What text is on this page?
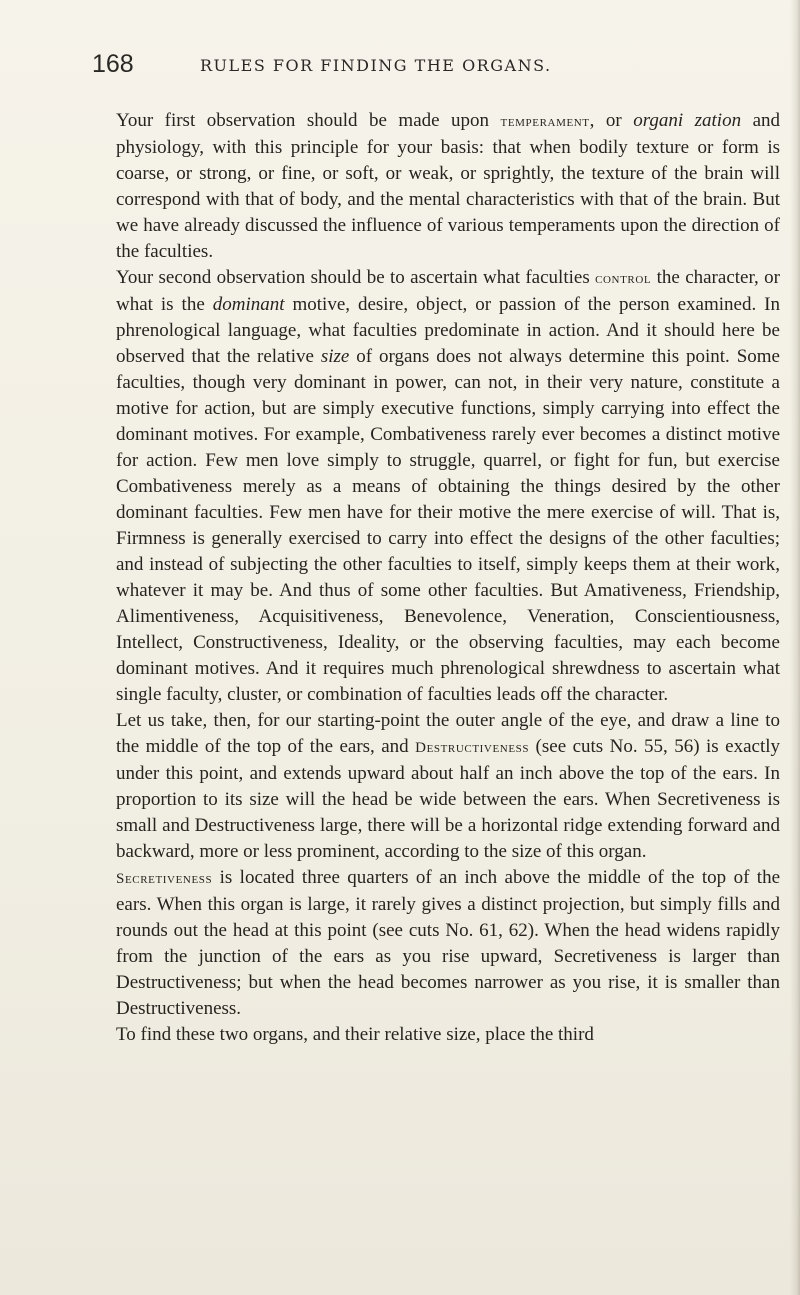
168	RULES FOR FINDING THE ORGANS.

Your first observation should be made upon temperament, or organi zation and physiology, with this principle for your basis: that when bodily texture or form is coarse, or strong, or fine, or soft, or weak, or sprightly, the texture of the brain will correspond with that of body, and the mental characteristics with that of the brain. But we have already discussed the influence of various temperaments upon the direction of the faculties.

Your second observation should be to ascertain what faculties control the character, or what is the dominant motive, desire, object, or passion of the person examined. In phrenological language, what faculties predominate in action. And it should here be observed that the relative size of organs does not always determine this point. Some faculties, though very dominant in power, can not, in their very nature, constitute a motive for action, but are simply executive functions, simply carrying into effect the dominant motives. For example, Combativeness rarely ever becomes a distinct motive for action. Few men love simply to struggle, quarrel, or fight for fun, but exercise Combativeness merely as a means of obtaining the things desired by the other dominant faculties. Few men have for their motive the mere exercise of will. That is, Firmness is generally exercised to carry into effect the designs of the other faculties; and instead of subjecting the other faculties to itself, simply keeps them at their work, whatever it may be. And thus of some other faculties. But Amativeness, Friendship, Alimentiveness, Acquisitiveness, Benevolence, Veneration, Conscientiousness, Intellect, Constructiveness, Ideality, or the observing faculties, may each become dominant motives. And it requires much phrenological shrewdness to ascertain what single faculty, cluster, or combination of faculties leads off the character.

Let us take, then, for our starting-point the outer angle of the eye, and draw a line to the middle of the top of the ears, and Destructiveness (see cuts No. 55, 56) is exactly under this point, and extends upward about half an inch above the top of the ears. In proportion to its size will the head be wide between the ears. When Secretiveness is small and Destructiveness large, there will be a horizontal ridge extending forward and backward, more or less prominent, according to the size of this organ.

Secretiveness is located three quarters of an inch above the middle of the top of the ears. When this organ is large, it rarely gives a distinct projection, but simply fills and rounds out the head at this point (see cuts No. 61, 62). When the head widens rapidly from the junction of the ears as you rise upward, Secretiveness is larger than Destructiveness; but when the head becomes narrower as you rise, it is smaller than Destructiveness.

To find these two organs, and their relative size, place the third
